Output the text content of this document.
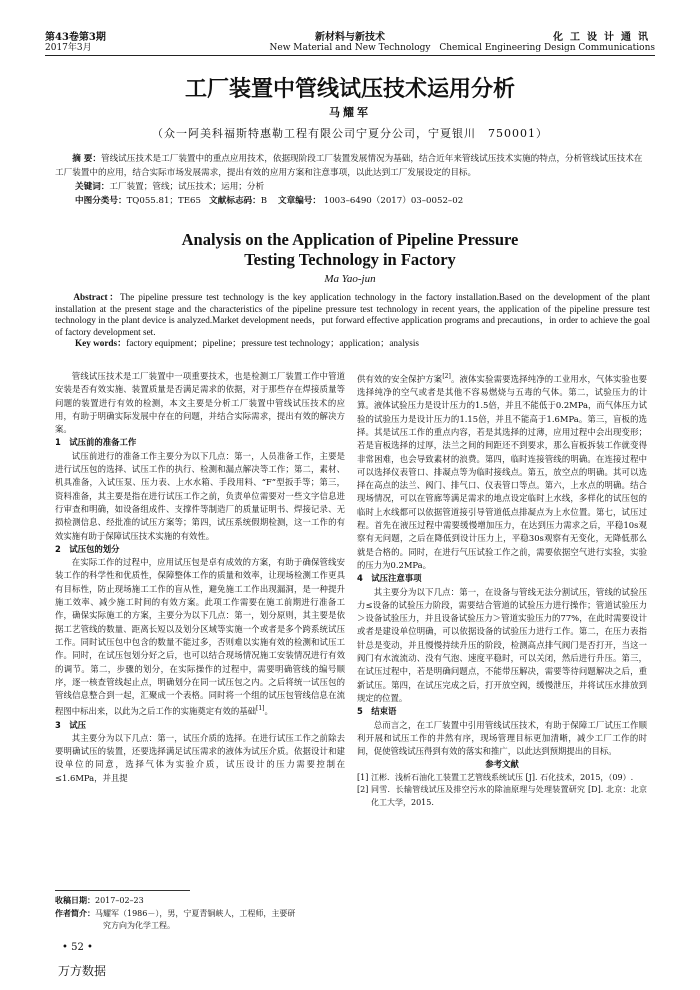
第43卷第3期
2017年3月
新材料与新技术
New Material and New Technology
化工设计通讯
Chemical Engineering Design Communications
工厂装置中管线试压技术运用分析
马耀军
（众一阿美科福斯特惠勒工程有限公司宁夏分公司，宁夏银川　750001）
摘 要：管线试压技术是工厂装置中的重点应用技术，依据现阶段工厂装置发展情况为基础，结合近年来管线试压技术实施的特点，分析管线试压技术在工厂装置中的应用，结合实际市场发展需求，提出有效的应用方案和注意事项，以此达到工厂发展设定的目标。
关键词：工厂装置；管线；试压技术；运用；分析
中图分类号：TQ055.81；TE65 文献标志码：B 文章编号： 1003–6490（2017）03–0052–02
Analysis on the Application of Pipeline Pressure Testing Technology in Factory
Ma Yao-jun
Abstract：The pipeline pressure test technology is the key application technology in the factory installation.Based on the development of the plant installation at the present stage and the characteristics of the pipeline pressure test technology in recent years, the application of the pipeline pressure test technology in the plant device is analyzed.Market development needs，put forward effective application programs and precautions，in order to achieve the goal of factory development set.
Key words：factory equipment；pipeline；pressure test technology；application；analysis

管线试压技术是工厂装置中一项重要技术，也是检测工厂装置工作中管道安装是否有效实施、装置质量是否满足需求的依据，对于那些存在焊接质量等问题的装置进行有效的检测，本文主要是分析工厂装置中管线试压技术的应用，有助于明确实际发展中存在的问题，并结合实际需求，提出有效的解决方案。

1　试压前的准备工作

试压前进行的准备工作主要分为以下几点：第一，人员准备工作，主要是进行试压包的选择、试压工作的执行、检测和漏点解决等工作；第二，素材、机具准备，入试压泵、压力表、上水水箱、手段用料、“F”型扳手等；第三，资料准备，其主要是指在进行试压工作之前，负责单位需要对一些文字信息进行审查和明确，如设备组成件、支撑件等制造厂的质量证明书、焊接记录、无损检测信息、经批准的试压方案等；第四，试压系统假期检测，这一工作的有效实施有助于保障试压技术实施的有效性。

2　试压包的划分

在实际工作的过程中，应用试压包是卓有成效的方案，有助于确保管线安装工作的科学性和优质性，保障整体工作的质量和效率，让现场检测工作更具有目标性，防止现场施工工作的盲从性，避免施工工作出现漏洞，是一种提升施工效率、减少施工时间的有效方案。此项工作需要在施工前期进行准备工作，确保实际施工的方案，主要分为以下几点：第一，划分原则，其主要是依据工艺管线的数量、距离长短以及划分区域等实施一个或者是多个跨系统试压工作。同时试压包中包含的数量不能过多，否则难以实施有效的检测和试压工作。同时，在试压包划分好之后，也可以结合现场情况施工安装情况进行有效的调节。第二，步骤的划分，在实际操作的过程中，需要明确管线的编号顺序，逐一核查管线起止点，明确划分在同一试压包之内。之后将统一试压包的管线信息整合到一起，汇聚成一个表格。同时将一个组的试压包管线信息在流程图中标出来，以此为之后工作的实施奠定有效的基础[1]。

3　试压

其主要分为以下几点：第一，试压介质的选择。在进行试压工作之前除去要明确试压的装置，还要选择满足试压需求的液体为试压介质。依据设计和建设单位的同意，选择气体为实验介质，试压设计的压力需要控制在≤1.6MPa，并且提

供有效的安全保护方案[2]。液体实验需要选择纯净的工业用水，气体实验也要选择纯净的空气或者是其他不容易燃烧与五毒的气体。第二，试验压力的计算。液体试验压力是设计压力的1.5倍，并且不能低于0.2MPa，而气体压力试验的试验压力是设计压力的1.15倍，并且不能高于1.6MPa。第三，盲板的选择。其是试压工作的重点内容，若是其选择的过薄，应用过程中会出现变形；若是盲板选择的过厚，法兰之间的间距还不到要求，那么盲板拆装工作就变得非常困难，也会导致素材的浪费。第四，临时连接管线的明确。在连接过程中可以选择仪表管口、排凝点等为临时接线点。第五，放空点的明确。其可以选择在高点的法兰、阀门、排气口、仪表管口等点。第六，上水点的明确。结合现场情况，可以在管廊等满足需求的地点设定临时上水线，多样化的试压包的临时上水线都可以依据管道接引导管道低点排凝点为上水位置。第七，试压过程。首先在液压过程中需要缓慢增加压力，在达到压力需求之后，平稳10s观察有无问题，之后在降低到设计压力上，平稳30s观察有无变化，无降低那么就是合格的。同时，在进行气压试验工作之前，需要依据空气进行实验，实验的压力为0.2MPa。

4　试压注意事项

其主要分为以下几点：第一，在设备与管线无法分割试压，管线的试验压力≤设备的试验压力阶段，需要结合管道的试验压力进行操作；管道试验压力＞设备试验压力，并且设备试验压力＞管道实验压力的77%，在此时需要设计或者是建设单位明确，可以依据设备的试验压力进行工作。第二，在压力表指针总是变动，并且慢慢持续升压的阶段，检测高点排气阀门是否打开，当这一阀门有水流流动、没有气泡、速度平稳时，可以关闭，然后进行升压。第三，在试压过程中，若是明确问题点，不能带压解决，需要等待问题解决之后，重新试压。第四，在试压完成之后，打开放空阀，缓慢泄压，并将试压水排放到规定的位置。

5　结束语

总而言之，在工厂装置中引用管线试压技术，有助于保障工厂试压工作顺利开展和试压工作的井然有序，现场管理目标更加清晰，减少工厂工作的时间，促使管线试压得到有效的落实和推广，以此达到预期提出的目标。

参考文献

[1] 江彬．浅析石油化工装置工艺管线系统试压 [J]. 石化技术，2015，（09）.

[2] 同雪．长输管线试压及排空污水的除油原理与处理装置研究 [D]. 北京：北京化工大学，2015.

收稿日期：2017–02–23
作者简介：马耀军（1986－），男，宁夏青铜峡人，工程师，主要研
究方向为化学工程。
• 52 •
万方数据
